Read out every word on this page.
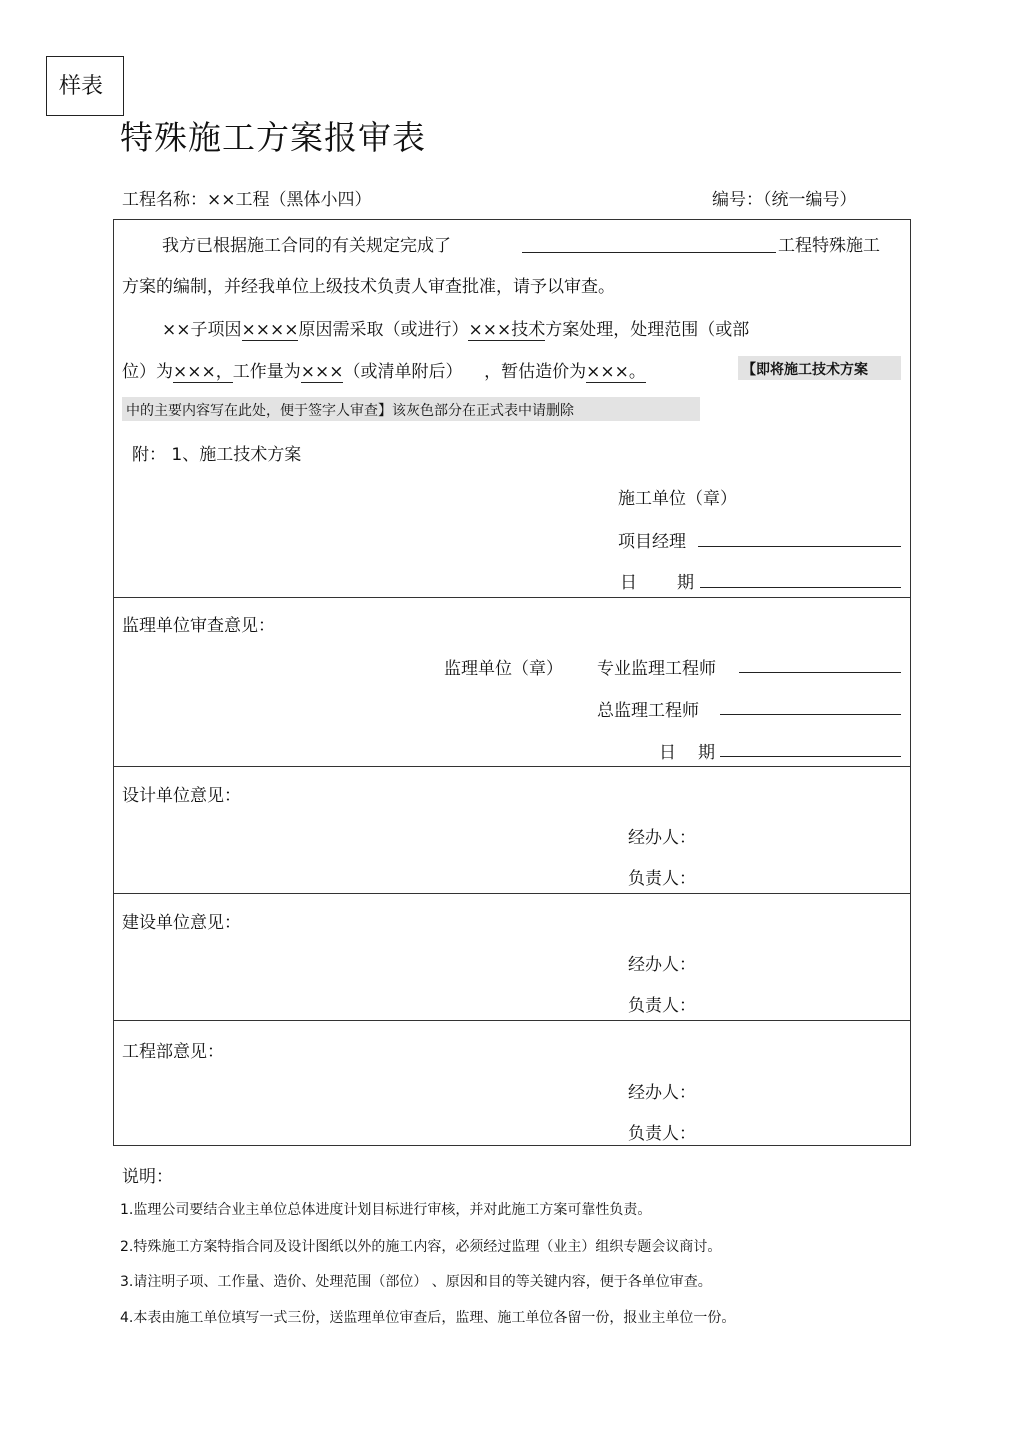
样表
特殊施工方案报审表
工程名称：××工程（黑体小四）	编号：（统一编号）
我方已根据施工合同的有关规定完成了	工程特殊施工
方案的编制，并经我单位上级技术负责人审查批准，请予以审查。
××子项因××××原因需采取（或进行）×××技术方案处理，处理范围（或部
位）为×××，工作量为×××（或清单附后） ，暂估造价为×××。	【即将施工技术方案
中的主要内容写在此处，便于签字人审查】该灰色部分在正式表中请删除
附： 1、施工技术方案
施工单位（章）
项目经理
日 期
监理单位审查意见：
监理单位（章） 专业监理工程师
总监理工程师
日 期
设计单位意见：
经办人：
负责人：
建设单位意见：
经办人：
负责人：
工程部意见：
经办人：
负责人：
说明：
1.监理公司要结合业主单位总体进度计划目标进行审核，并对此施工方案可靠性负责。
2.特殊施工方案特指合同及设计图纸以外的施工内容，必须经过监理（业主）组织专题会议商讨。
3.请注明子项、工作量、造价、处理范围（部位） 、原因和目的等关键内容，便于各单位审查。
4.本表由施工单位填写一式三份，送监理单位审查后，监理、施工单位各留一份，报业主单位一份。
